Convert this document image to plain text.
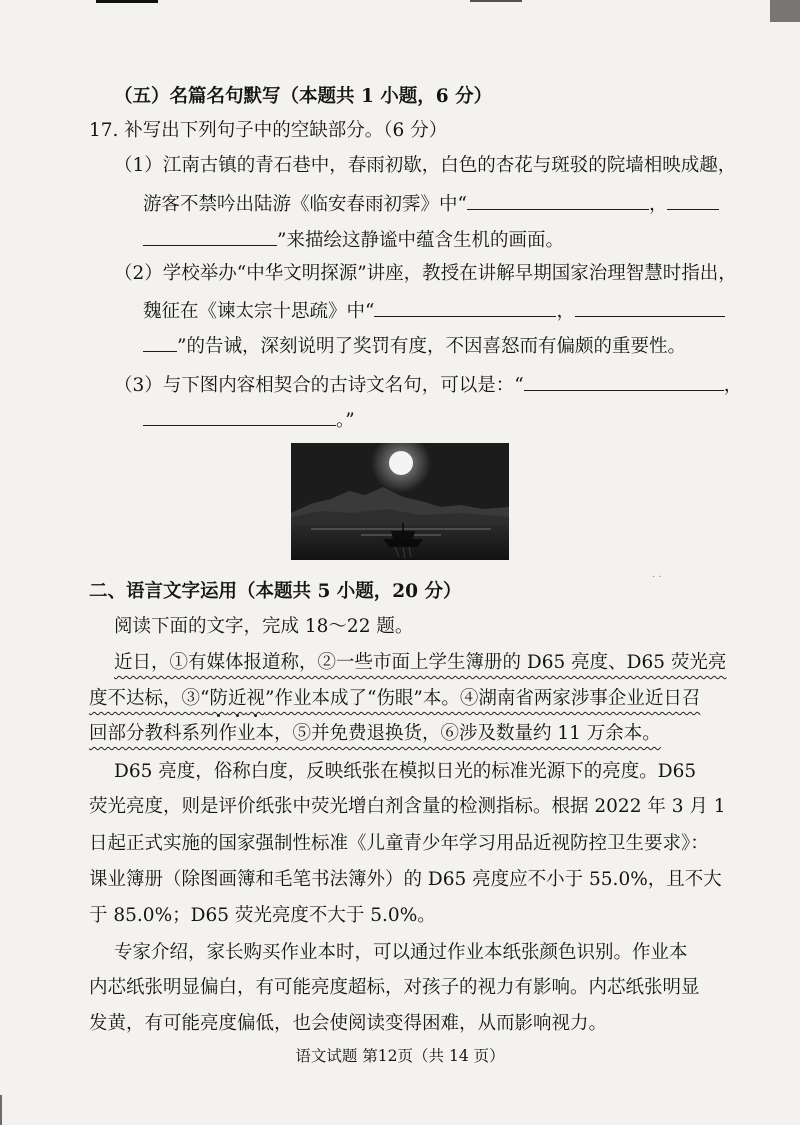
（五）名篇名句默写（本题共 1 小题，6 分）
17. 补写出下列句子中的空缺部分。（6 分）
（1）江南古镇的青石巷中，春雨初歇，白色的杏花与斑驳的院墙相映成趣，
游客不禁吟出陆游《临安春雨初霁》中“	，
”来描绘这静谧中蕴含生机的画面。
（2）学校举办“中华文明探源”讲座，教授在讲解早期国家治理智慧时指出，
魏征在《谏太宗十思疏》中“	，
”的告诫，深刻说明了奖罚有度，不因喜怒而有偏颇的重要性。
（3）与下图内容相契合的古诗文名句，可以是：“	，
。”
· ·
二、语言文字运用（本题共 5 小题，20 分）
阅读下面的文字，完成 18～22 题。
近日，①有媒体报道称，②一些市面上学生簿册的 D65 亮度、D65 荧光亮
度不达标，③“防近视”作业本成了“伤眼”本。④湖南省两家涉事企业近日召
回部分教科系列作业本，⑤并免费退换货，⑥涉及数量约 11 万余本。
D65 亮度，俗称白度，反映纸张在模拟日光的标准光源下的亮度。D65
荧光亮度，则是评价纸张中荧光增白剂含量的检测指标。根据 2022 年 3 月 1
日起正式实施的国家强制性标准《儿童青少年学习用品近视防控卫生要求》：
课业簿册（除图画簿和毛笔书法簿外）的 D65 亮度应不小于 55.0%，且不大
于 85.0%；D65 荧光亮度不大于 5.0%。
专家介绍，家长购买作业本时，可以通过作业本纸张颜色识别。作业本
内芯纸张明显偏白，有可能亮度超标，对孩子的视力有影响。内芯纸张明显
发黄，有可能亮度偏低，也会使阅读变得困难，从而影响视力。
语文试题 第12页（共 14 页）
